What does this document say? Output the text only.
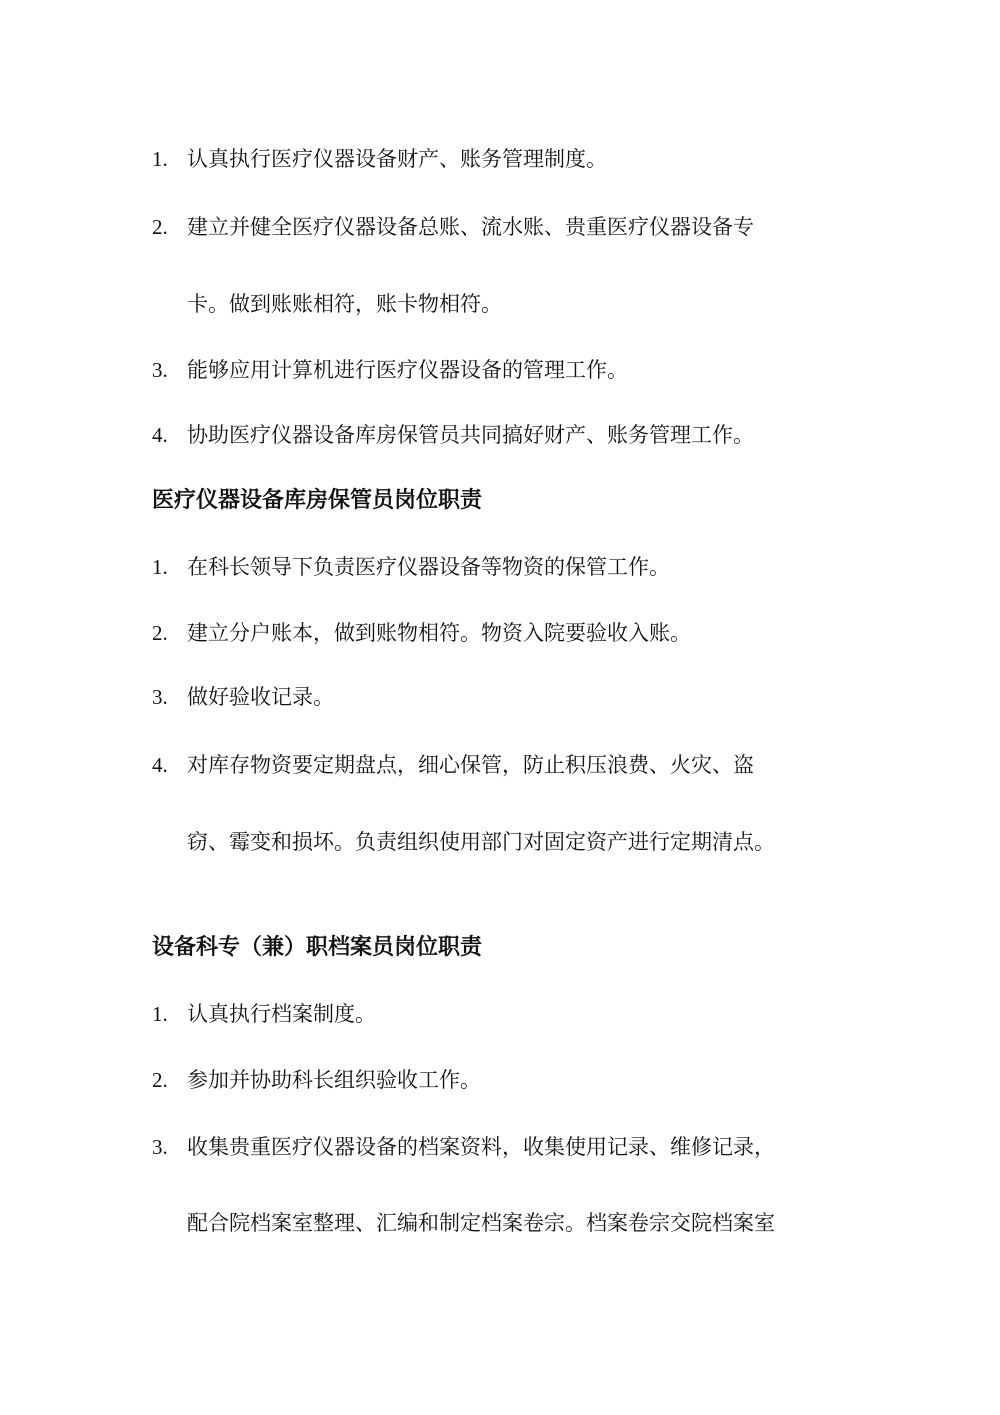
1. 认真执行医疗仪器设备财产、账务管理制度。
2. 建立并健全医疗仪器设备总账、流水账、贵重医疗仪器设备专
卡。做到账账相符，账卡物相符。
3. 能够应用计算机进行医疗仪器设备的管理工作。
4. 协助医疗仪器设备库房保管员共同搞好财产、账务管理工作。
医疗仪器设备库房保管员岗位职责
1. 在科长领导下负责医疗仪器设备等物资的保管工作。
2. 建立分户账本，做到账物相符。物资入院要验收入账。
3. 做好验收记录。
4. 对库存物资要定期盘点，细心保管，防止积压浪费、火灾、盗
窃、霉变和损坏。负责组织使用部门对固定资产进行定期清点。
设备科专（兼）职档案员岗位职责
1. 认真执行档案制度。
2. 参加并协助科长组织验收工作。
3. 收集贵重医疗仪器设备的档案资料，收集使用记录、维修记录，
配合院档案室整理、汇编和制定档案卷宗。档案卷宗交院档案室
